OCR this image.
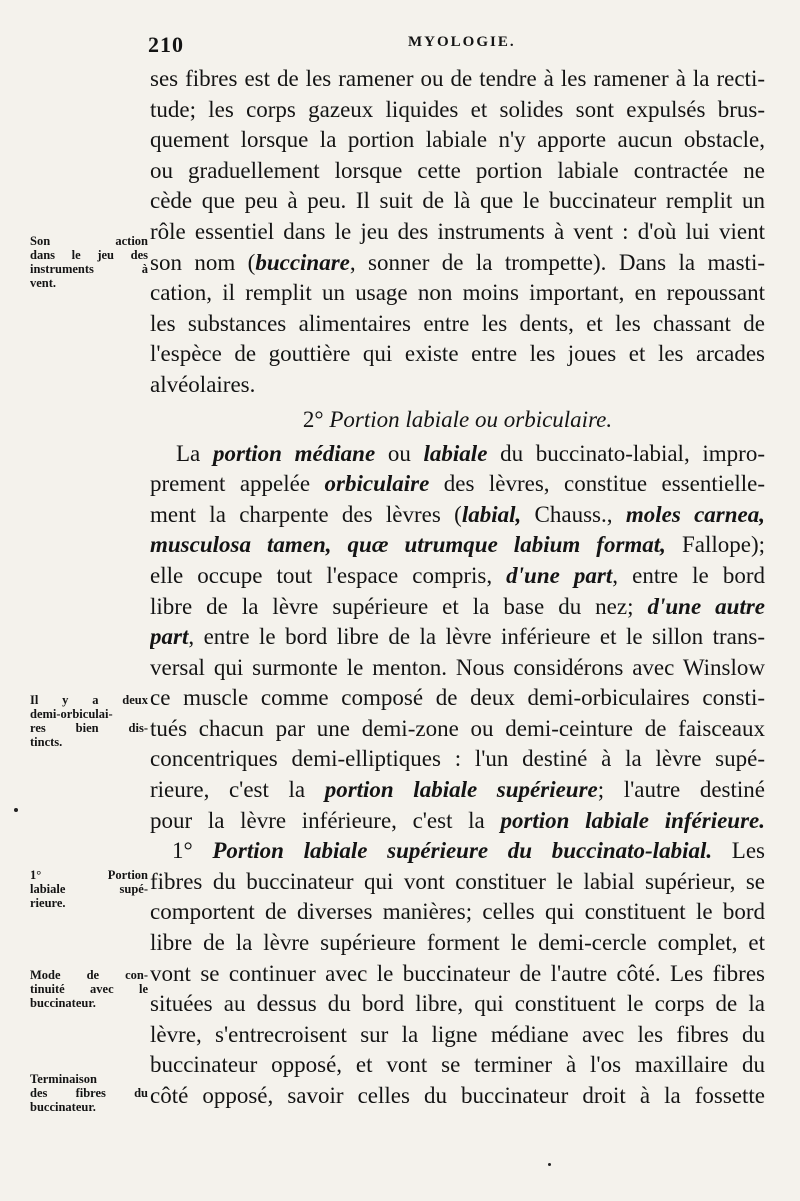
210	MYOLOGIE.
Son action
dans le jeu des
instruments à
vent.
Il y a deux
demi-orbiculai-
res bien dis-
tincts.
1° Portion
labiale supé-
rieure.
Mode de con-
tinuité avec le
buccinateur.
Terminaison
des fibres du
buccinateur.
ses fibres est de les ramener ou de tendre à les ramener à la recti-
tude; les corps gazeux liquides et solides sont expulsés brus-
quement lorsque la portion labiale n'y apporte aucun obstacle,
ou graduellement lorsque cette portion labiale contractée ne
cède que peu à peu. Il suit de là que le buccinateur remplit un
rôle essentiel dans le jeu des instruments à vent : d'où lui vient
son nom (buccinare, sonner de la trompette). Dans la masti-
cation, il remplit un usage non moins important, en repoussant
les substances alimentaires entre les dents, et les chassant de
l'espèce de gouttière qui existe entre les joues et les arcades
alvéolaires.
2° Portion labiale ou orbiculaire.
La portion médiane ou labiale du buccinato-labial, impro-
prement appelée orbiculaire des lèvres, constitue essentielle-
ment la charpente des lèvres (labial, Chauss., moles carnea,
musculosa tamen, quæ utrumque labium format, Fallope);
elle occupe tout l'espace compris, d'une part, entre le bord
libre de la lèvre supérieure et la base du nez; d'une autre
part, entre le bord libre de la lèvre inférieure et le sillon trans-
versal qui surmonte le menton. Nous considérons avec Winslow
ce muscle comme composé de deux demi-orbiculaires consti-
tués chacun par une demi-zone ou demi-ceinture de faisceaux
concentriques demi-elliptiques : l'un destiné à la lèvre supé-
rieure, c'est la portion labiale supérieure; l'autre destiné
pour la lèvre inférieure, c'est la portion labiale inférieure.
1° Portion labiale supérieure du buccinato-labial. Les
fibres du buccinateur qui vont constituer le labial supérieur, se
comportent de diverses manières; celles qui constituent le bord
libre de la lèvre supérieure forment le demi-cercle complet, et
vont se continuer avec le buccinateur de l'autre côté. Les fibres
situées au dessus du bord libre, qui constituent le corps de la
lèvre, s'entrecroisent sur la ligne médiane avec les fibres du
buccinateur opposé, et vont se terminer à l'os maxillaire du
côté opposé, savoir celles du buccinateur droit à la fossette
